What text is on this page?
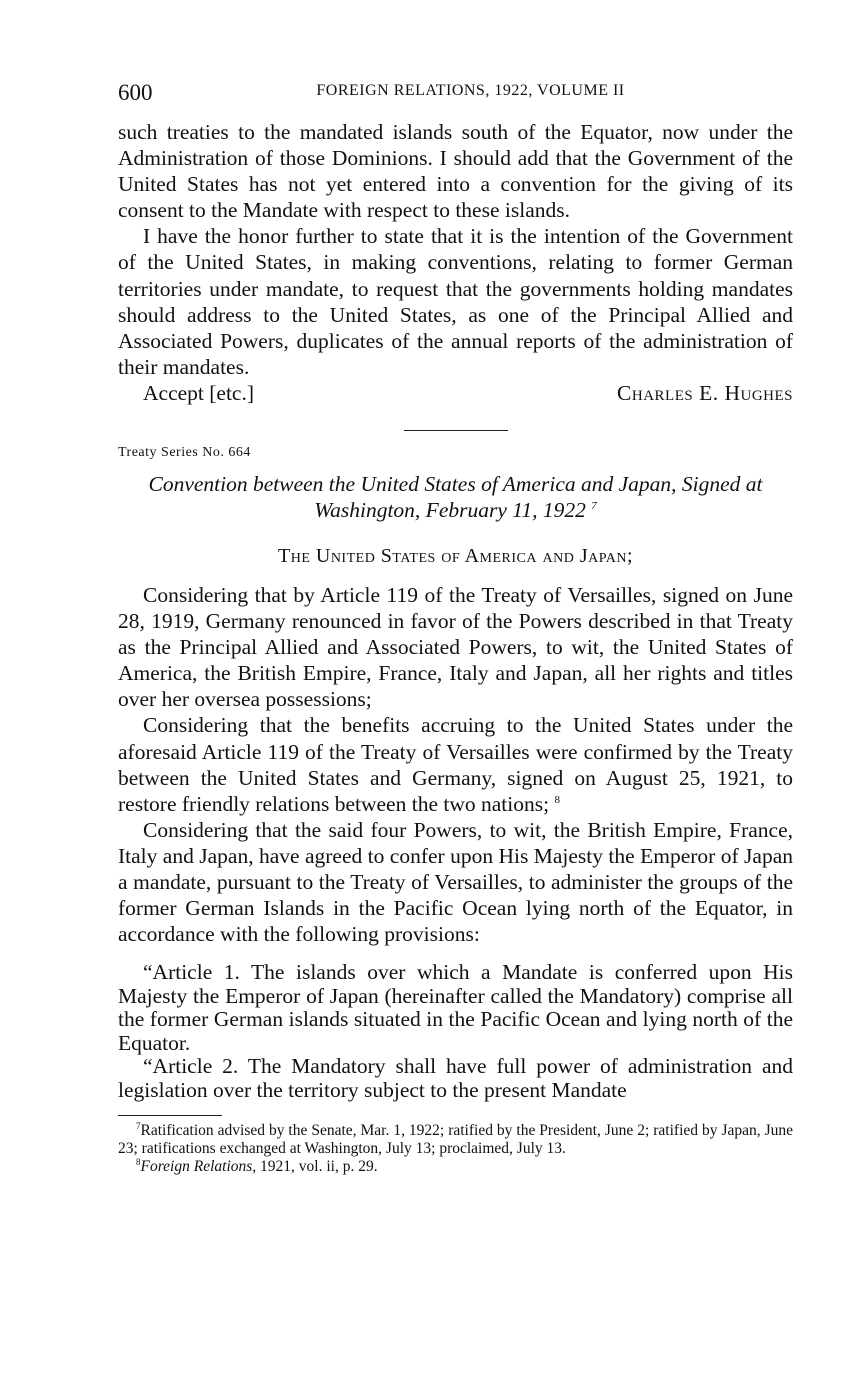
600	FOREIGN RELATIONS, 1922, VOLUME II

such treaties to the mandated islands south of the Equator, now under the Administration of those Dominions. I should add that the Government of the United States has not yet entered into a convention for the giving of its consent to the Mandate with respect to these islands.

I have the honor further to state that it is the intention of the Government of the United States, in making conventions, relating to former German territories under mandate, to request that the governments holding mandates should address to the United States, as one of the Principal Allied and Associated Powers, duplicates of the annual reports of the administration of their mandates.

Accept [etc.]	Charles E. Hughes
Treaty Series No. 664
Convention between the United States of America and Japan, Signed at Washington, February 11, 1922 $^7$
The United States of America and Japan;

Considering that by Article 119 of the Treaty of Versailles, signed on June 28, 1919, Germany renounced in favor of the Powers described in that Treaty as the Principal Allied and Associated Powers, to wit, the United States of America, the British Empire, France, Italy and Japan, all her rights and titles over her oversea possessions;

Considering that the benefits accruing to the United States under the aforesaid Article 119 of the Treaty of Versailles were confirmed by the Treaty between the United States and Germany, signed on August 25, 1921, to restore friendly relations between the two nations; $^8$

Considering that the said four Powers, to wit, the British Empire, France, Italy and Japan, have agreed to confer upon His Majesty the Emperor of Japan a mandate, pursuant to the Treaty of Versailles, to administer the groups of the former German Islands in the Pacific Ocean lying north of the Equator, in accordance with the following provisions:

“Article 1. The islands over which a Mandate is conferred upon His Majesty the Emperor of Japan (hereinafter called the Mandatory) comprise all the former German islands situated in the Pacific Ocean and lying north of the Equator.

“Article 2. The Mandatory shall have full power of administration and legislation over the territory subject to the present Mandate

$^7$Ratification advised by the Senate, Mar. 1, 1922; ratified by the President, June 2; ratified by Japan, June 23; ratifications exchanged at Washington, July 13; proclaimed, July 13.

$^8$Foreign Relations, 1921, vol. ii, p. 29.
